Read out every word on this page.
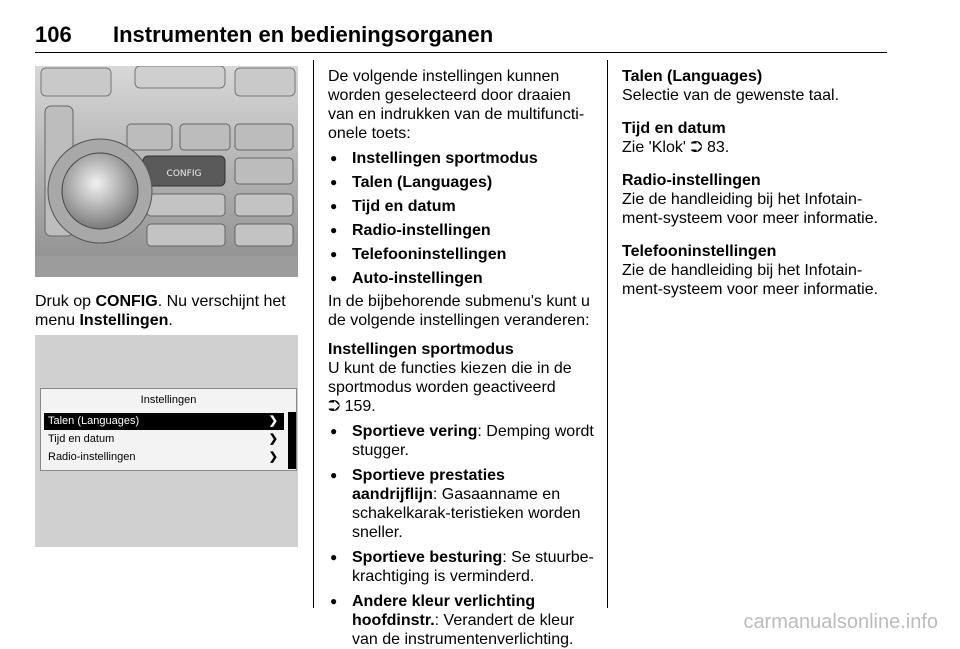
106 Instrumenten en bedieningsorganen
CONFIG
Druk op CONFIG. Nu verschijnt het menu Instellingen.
Instellingen
Talen (Languages)	❯
Tijd en datum	❯
Radio-instellingen	❯

De volgende instellingen kunnen worden geselecteerd door draaien van en indrukken van de multifuncti-onele toets:

● Instellingen sportmodus
● Talen (Languages)
● Tijd en datum
● Radio-instellingen
● Telefooninstellingen
● Auto-instellingen

In de bijbehorende submenu's kunt u de volgende instellingen veranderen:

Instellingen sportmodus

U kunt de functies kiezen die in de sportmodus worden geactiveerd

⮊ 159.

● Sportieve vering: Demping wordt stugger.
● Sportieve prestaties aandrijflijn: Gasaanname en schakelkarak-teristieken worden sneller.
● Sportieve besturing: Se stuurbe-krachtiging is verminderd.
● Andere kleur verlichting hoofdinstr.: Verandert de kleur van de instrumentenverlichting.

Talen (Languages)

Selectie van de gewenste taal.

Tijd en datum

Zie 'Klok' ⮊ 83.

Radio-instellingen

Zie de handleiding bij het Infotain-ment-systeem voor meer informatie.

Telefooninstellingen

Zie de handleiding bij het Infotain-ment-systeem voor meer informatie.

carmanualsonline.info
